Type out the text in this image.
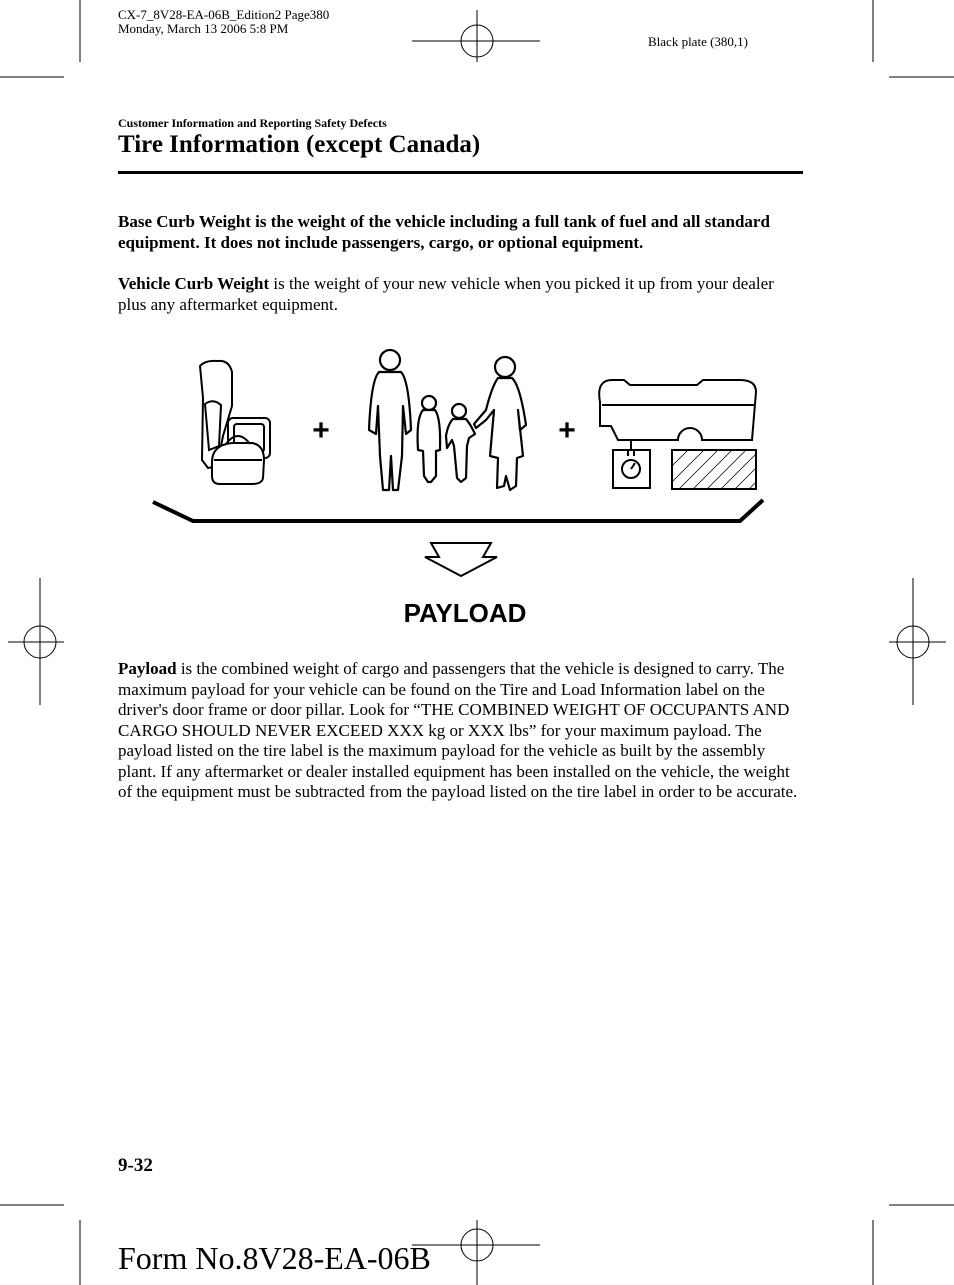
CX-7_8V28-EA-06B_Edition2 Page380
Monday, March 13 2006 5:8 PM
Black plate (380,1)
Customer Information and Reporting Safety Defects
Tire Information (except Canada)

Base Curb Weight is the weight of the vehicle including a full tank of fuel and all standard equipment. It does not include passengers, cargo, or optional equipment.

Vehicle Curb Weight is the weight of your new vehicle when you picked it up from your dealer plus any aftermarket equipment.

+	+
PAYLOAD

Payload is the combined weight of cargo and passengers that the vehicle is designed to carry. The maximum payload for your vehicle can be found on the Tire and Load Information label on the driver's door frame or door pillar. Look for “THE COMBINED WEIGHT OF OCCUPANTS AND CARGO SHOULD NEVER EXCEED XXX kg or XXX lbs” for your maximum payload. The payload listed on the tire label is the maximum payload for the vehicle as built by the assembly plant. If any aftermarket or dealer installed equipment has been installed on the vehicle, the weight of the equipment must be subtracted from the payload listed on the tire label in order to be accurate.

9-32
Form No.8V28-EA-06B
